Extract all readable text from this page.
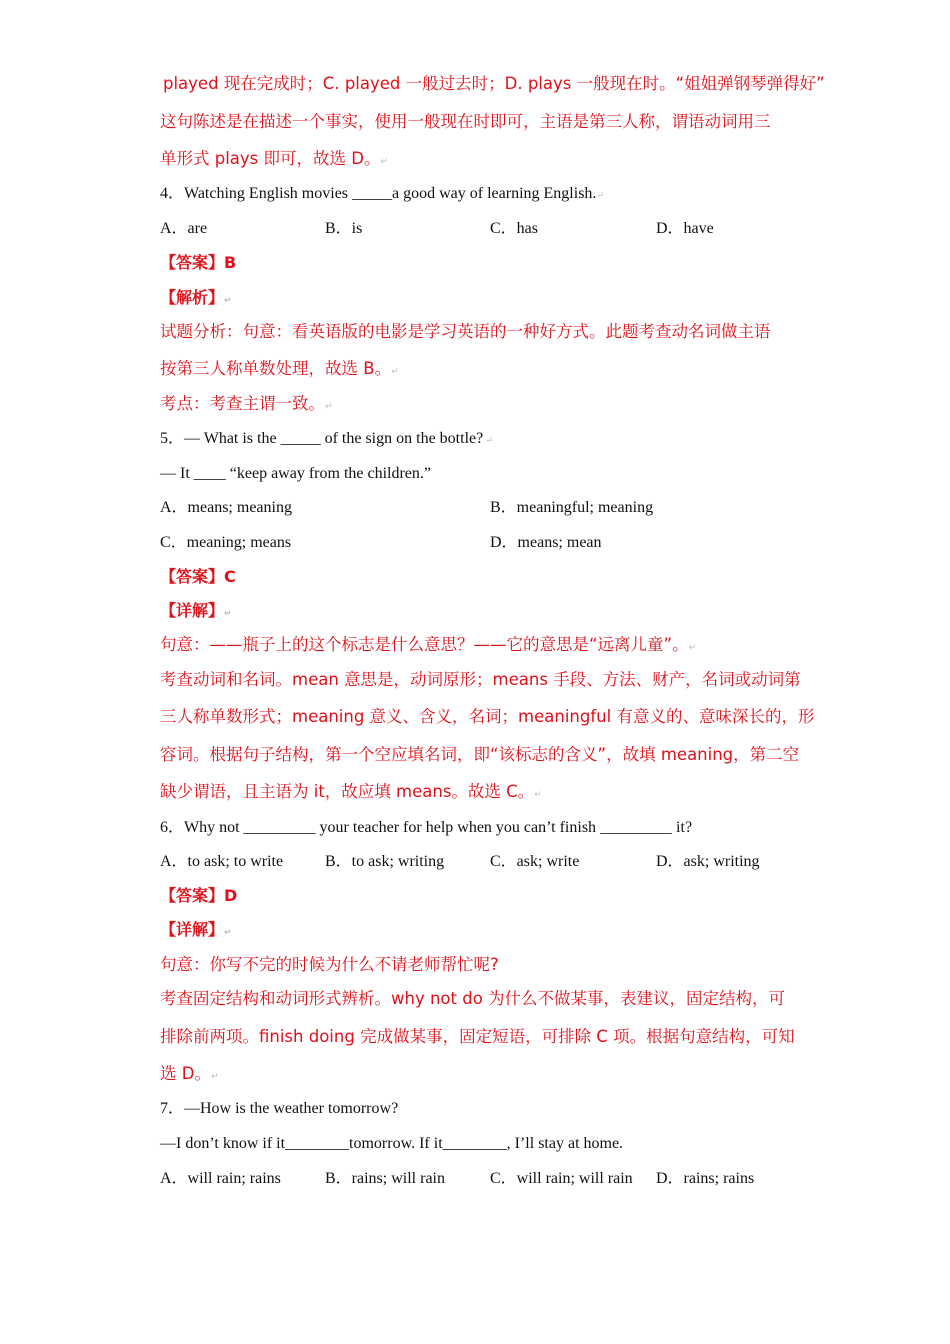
played 现在完成时；C. played 一般过去时；D. plays 一般现在时。“姐姐弹钢琴弹得好”
这句陈述是在描述一个事实，使用一般现在时即可，主语是第三人称，谓语动词用三
单形式 plays 即可，故选 D。↵
4．Watching English movies _____a good way of learning English.↵
A．are	B．is	C．has	D．have
【答案】B
【解析】↵
试题分析：句意：看英语版的电影是学习英语的一种好方式。此题考查动名词做主语
按第三人称单数处理，故选 B。↵
考点：考查主谓一致。↵
5．— What is the _____ of the sign on the bottle? ↵
— It ____ “keep away from the children.”
A．means; meaning	B．meaningful; meaning
C．meaning; means	D．means; mean
【答案】C
【详解】↵
句意：——瓶子上的这个标志是什么意思？——它的意思是“远离儿童”。↵
考查动词和名词。mean 意思是，动词原形；means 手段、方法、财产，名词或动词第
三人称单数形式；meaning 意义、含义，名词；meaningful 有意义的、意味深长的，形
容词。根据句子结构，第一个空应填名词，即“该标志的含义”，故填 meaning，第二空
缺少谓语，且主语为 it，故应填 means。故选 C。↵
6．Why not _________ your teacher for help when you can’t finish _________ it?
A．to ask; to write	B．to ask; writing	C．ask; write	D．ask; writing
【答案】D
【详解】↵
句意：你写不完的时候为什么不请老师帮忙呢?
考查固定结构和动词形式辨析。why not do 为什么不做某事，表建议，固定结构，可
排除前两项。finish doing 完成做某事，固定短语，可排除 C 项。根据句意结构，可知
选 D。↵
7．—How is the weather tomorrow?
—I don’t know if it________tomorrow. If it________, I’ll stay at home.
A．will rain; rains	B．rains; will rain	C．will rain; will rain D．rains; rains
